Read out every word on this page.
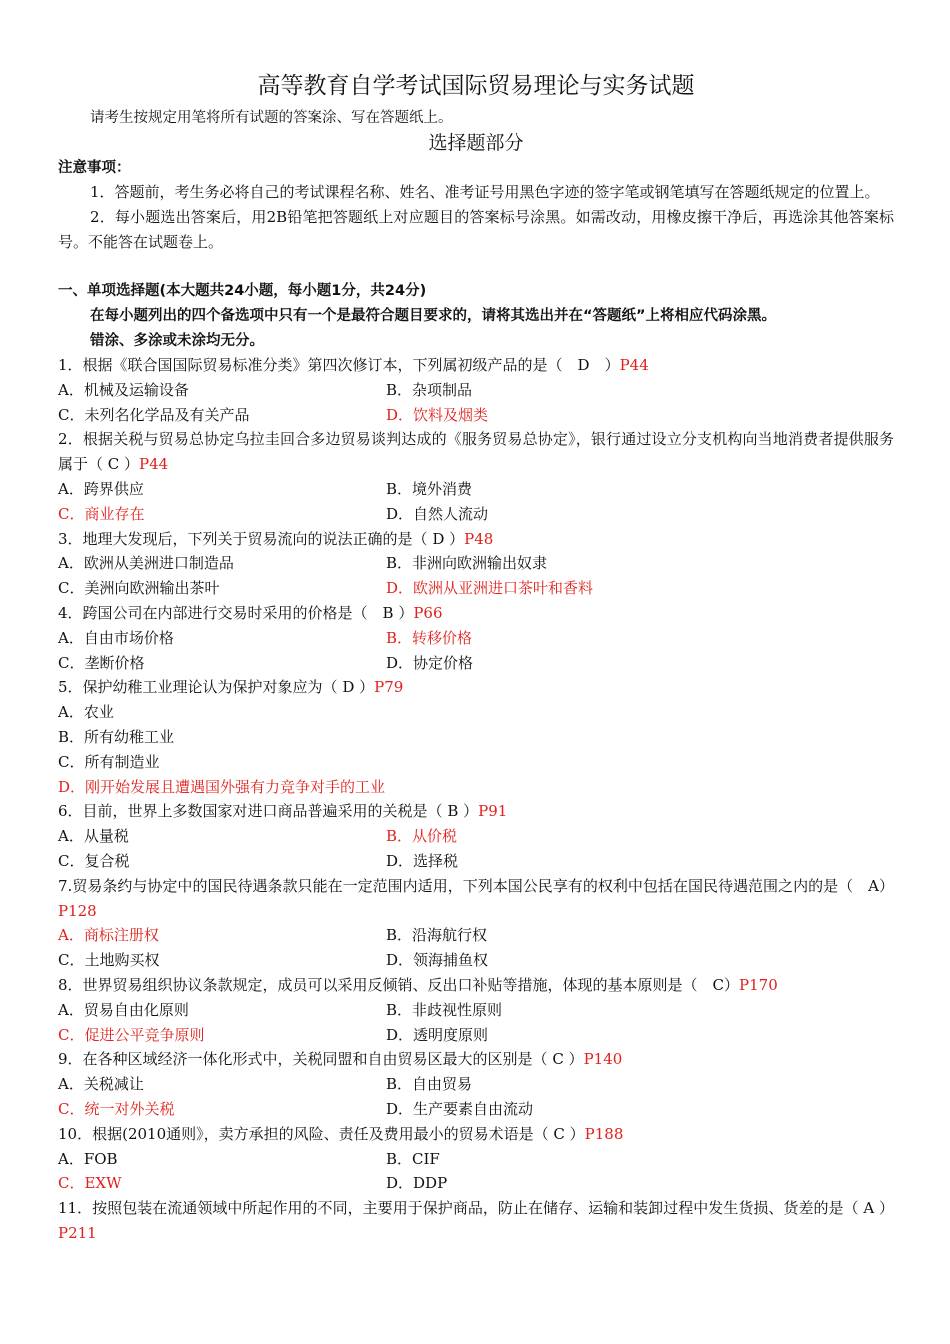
高等教育自学考试国际贸易理论与实务试题
请考生按规定用笔将所有试题的答案涂、写在答题纸上。
选择题部分
注意事项：
1．答题前，考生务必将自己的考试课程名称、姓名、准考证号用黑色字迹的签字笔或钢笔填写在答题纸规定的位置上。
2．每小题选出答案后，用2B铅笔把答题纸上对应题目的答案标号涂黑。如需改动，用橡皮擦干净后，再选涂其他答案标号。不能答在试题卷上。
一、单项选择题(本大题共24小题，每小题1分，共24分)
在每小题列出的四个备选项中只有一个是最符合题目要求的，请将其选出并在“答题纸”上将相应代码涂黑。
错涂、多涂或未涂均无分。
1．根据《联合国国际贸易标准分类》第四次修订本，下列属初级产品的是（　D　）P44
A．机械及运输设备	B．杂项制品
C．未列名化学品及有关产品	D．饮料及烟类
2．根据关税与贸易总协定乌拉圭回合多边贸易谈判达成的《服务贸易总协定》，银行通过设立分支机构向当地消费者提供服务属于（ C ）P44
A．跨界供应	B．境外消费
C．商业存在	D．自然人流动
3．地理大发现后，下列关于贸易流向的说法正确的是（ D ）P48
A．欧洲从美洲进口制造品	B．非洲向欧洲输出奴隶
C．美洲向欧洲输出茶叶	D．欧洲从亚洲进口茶叶和香料
4．跨国公司在内部进行交易时采用的价格是（　B ）P66
A．自由市场价格	B．转移价格
C．垄断价格	D．协定价格
5．保护幼稚工业理论认为保护对象应为（ D ）P79
A．农业
B．所有幼稚工业
C．所有制造业
D．刚开始发展且遭遇国外强有力竞争对手的工业
6．目前，世界上多数国家对进口商品普遍采用的关税是（ B ）P91
A．从量税	B．从价税
C．复合税	D．选择税
7.贸易条约与协定中的国民待遇条款只能在一定范围内适用，下列本国公民享有的权利中包括在国民待遇范围之内的是（　A）P128
A．商标注册权	B．沿海航行权
C．土地购买权	D．领海捕鱼权
8．世界贸易组织协议条款规定，成员可以采用反倾销、反出口补贴等措施，体现的基本原则是（　C）P170
A．贸易自由化原则	B．非歧视性原则
C．促进公平竞争原则	D．透明度原则
9．在各种区域经济一体化形式中，关税同盟和自由贸易区最大的区别是（ C ）P140
A．关税减让	B．自由贸易
C．统一对外关税	D．生产要素自由流动
10．根据(2010通则》，卖方承担的风险、责任及费用最小的贸易术语是（ C ）P188
A．FOB	B．CIF
C．EXW	D．DDP
11．按照包装在流通领域中所起作用的不同，主要用于保护商品，防止在储存、运输和装卸过程中发生货损、货差的是（ A ）P211
